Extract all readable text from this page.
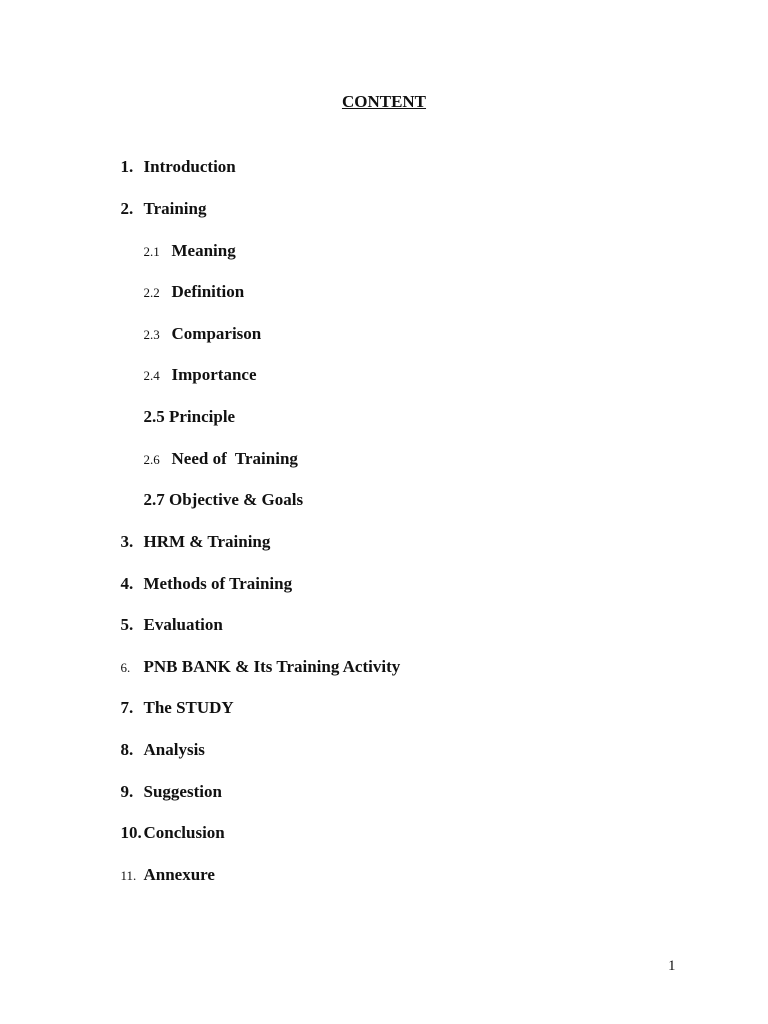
CONTENT

1. Introduction

2. Training

2.1 Meaning

2.2 Definition

2.3 Comparison

2.4 Importance

2.5 Principle

2.6 Need of  Training

2.7 Objective & Goals

3. HRM & Training

4. Methods of Training

5. Evaluation

6. PNB BANK & Its Training Activity

7. The STUDY

8. Analysis

9. Suggestion

10. Conclusion

11. Annexure

1
